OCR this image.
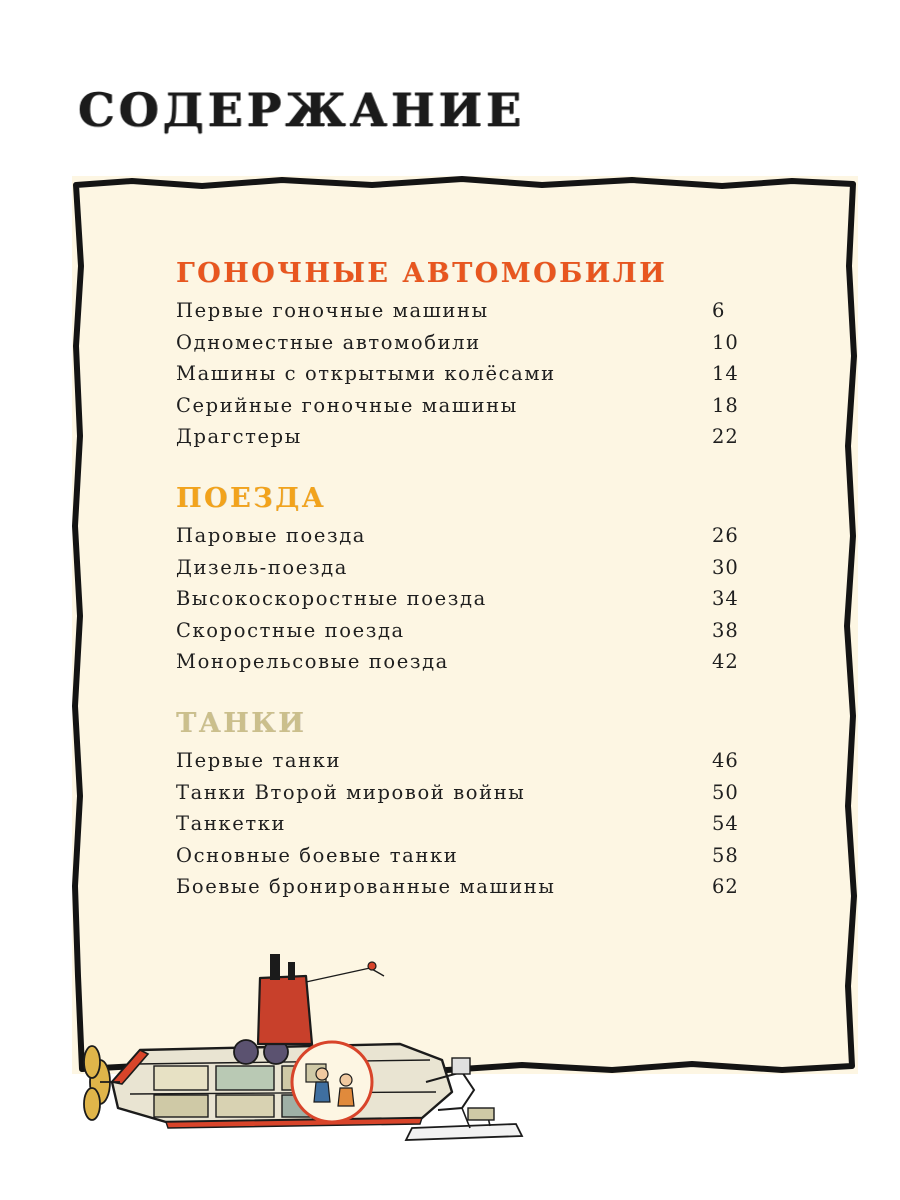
СОДЕРЖАНИЕ
ГОНОЧНЫЕ АВТОМОБИЛИ
Первые гоночные машины	6
Одноместные автомобили	10
Машины с открытыми колёсами	14
Серийные гоночные машины	18
Драгстеры	22
ПОЕЗДА
Паровые поезда	26
Дизель-поезда	30
Высокоскоростные поезда	34
Скоростные поезда	38
Монорельсовые поезда	42
ТАНКИ
Первые танки	46
Танки Второй мировой войны	50
Танкетки	54
Основные боевые танки	58
Боевые бронированные машины	62
